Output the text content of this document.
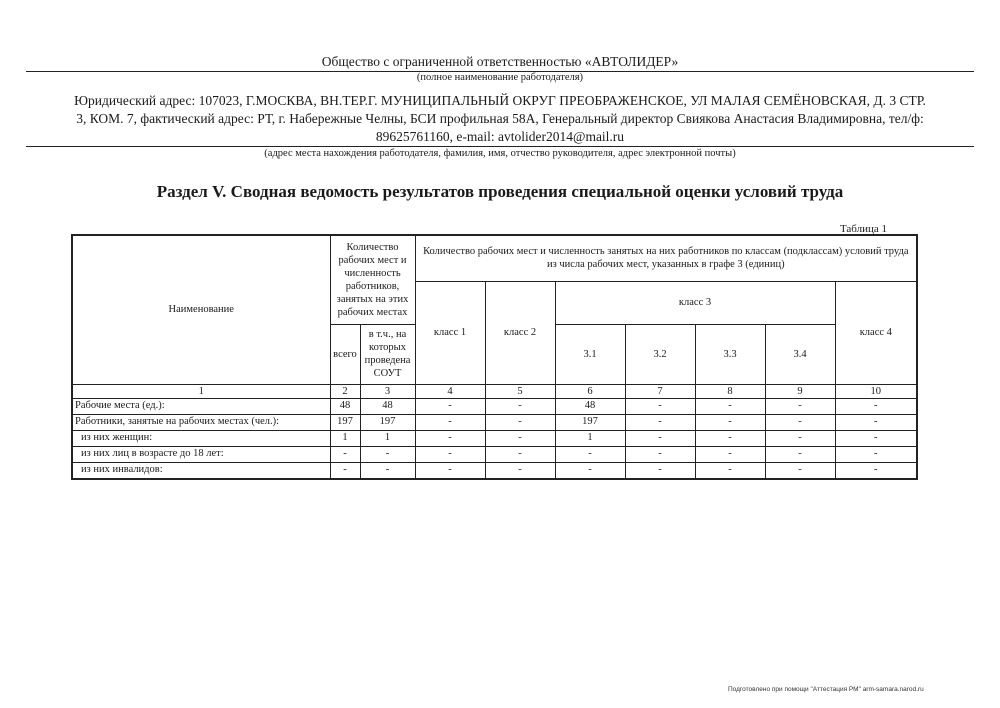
Общество с ограниченной ответственностью «АВТОЛИДЕР»
(полное наименование работодателя)
Юридический адрес: 107023, Г.МОСКВА, ВН.ТЕР.Г. МУНИЦИПАЛЬНЫЙ ОКРУГ ПРЕОБРАЖЕНСКОЕ, УЛ МАЛАЯ СЕМЁНОВСКАЯ, Д. 3 СТР.
3, КОМ. 7, фактический адрес: РТ, г. Набережные Челны, БСИ профильная 58А, Генеральный директор Свиякова Анастасия Владимировна, тел/ф:
89625761160, e-mail: avtolider2014@mail.ru
(адрес места нахождения работодателя, фамилия, имя, отчество руководителя, адрес электронной почты)
Раздел V. Сводная ведомость результатов проведения специальной оценки условий труда
Таблица 1
Наименование	Количество рабочих мест и численность работников, занятых на этих рабочих местах		Количество рабочих мест и численность занятых на них работников по классам (подклассам) условий труда из числа рабочих мест, указанных в графе 3 (единиц)						
			класс 1	класс 2	класс 3				класс 4
	всего	в т.ч., на которых проведена СОУТ			3.1	3.2	3.3	3.4	
1	2	3	4	5	6	7	8	9	10
Рабочие места (ед.):	48	48	-	-	48	-	-	-	-
Работники, занятые на рабочих местах (чел.):	197	197	-	-	197	-	-	-	-
из них женщин:	1	1	-	-	1	-	-	-	-
из них лиц в возрасте до 18 лет:	-	-	-	-	-	-	-	-	-
из них инвалидов:	-	-	-	-	-	-	-	-	-
Подготовлено при помощи "Аттестация РМ" arm-samara.narod.ru
